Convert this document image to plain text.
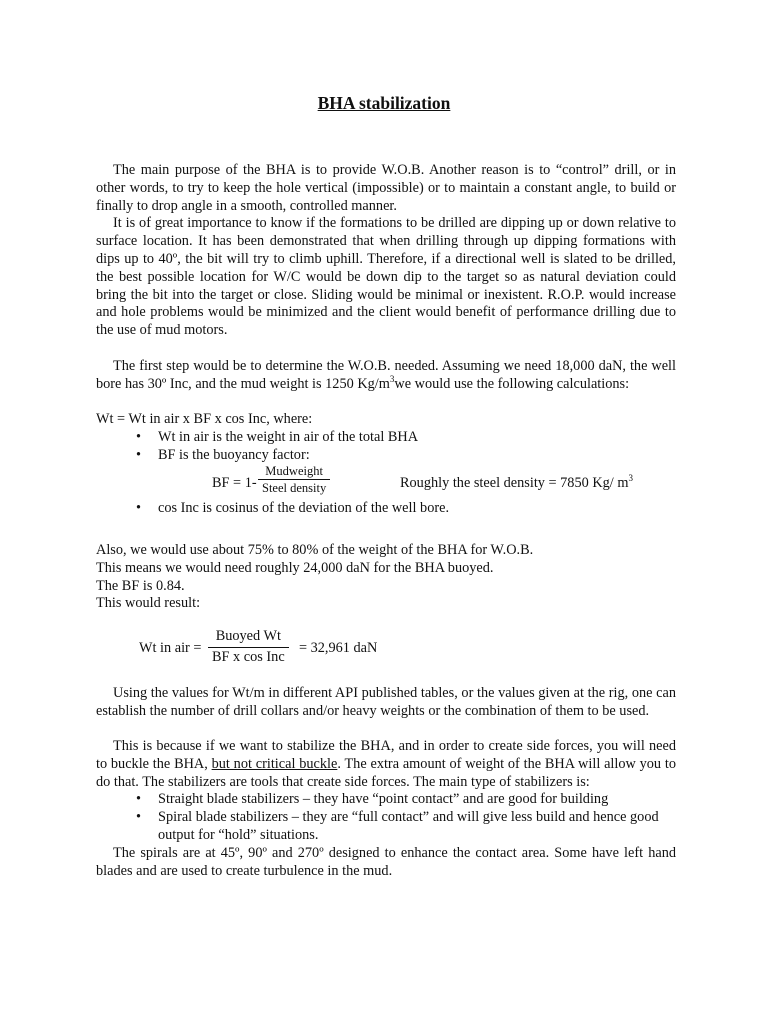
BHA stabilization

The main purpose of the BHA is to provide W.O.B. Another reason is to “control” drill, or in other words, to try to keep the hole vertical (impossible) or to maintain a constant angle, to build or finally to drop angle in a smooth, controlled manner.

It is of great importance to know if the formations to be drilled are dipping up or down relative to surface location. It has been demonstrated that when drilling through up dipping formations with dips up to 40º, the bit will try to climb uphill. Therefore, if a directional well is slated to be drilled, the best possible location for W/C would be down dip to the target so as natural deviation could bring the bit into the target or close. Sliding would be minimal or inexistent. R.O.P. would increase and hole problems would be minimized and the client would benefit of performance drilling due to the use of mud motors.

The first step would be to determine the W.O.B. needed. Assuming we need 18,000 daN, the well bore has 30º Inc, and the mud weight is 1250 $Kg/m^3we$ would use the following calculations:

Wt = Wt in air x BF x cos Inc, where:

• Wt in air is the weight in air of the total BHA
• BF is the buoyancy factor:
BF = 1-
Mudweight
Steel density	Roughly the steel density = 7850 Kg/ $m^3$
• cos Inc is cosinus of the deviation of the well bore.

Also, we would use about 75% to 80% of the weight of the BHA for W.O.B.

This means we would need roughly 24,000 daN for the BHA buoyed.

The BF is 0.84.

This would result:

Wt in air =
Buoyed Wt
BF x cos Inc
= 32,961 daN

Using the values for Wt/m in different API published tables, or the values given at the rig, one can establish the number of drill collars and/or heavy weights or the combination of them to be used.

This is because if we want to stabilize the BHA, and in order to create side forces, you will need to buckle the BHA, but not critical buckle. The extra amount of weight of the BHA will allow you to do that. The stabilizers are tools that create side forces. The main type of stabilizers is:

• Straight blade stabilizers – they have “point contact” and are good for building
• Spiral blade stabilizers – they are “full contact” and will give less build and hence good output for “hold” situations.

The spirals are at 45º, 90º and 270º designed to enhance the contact area. Some have left hand blades and are used to create turbulence in the mud.
